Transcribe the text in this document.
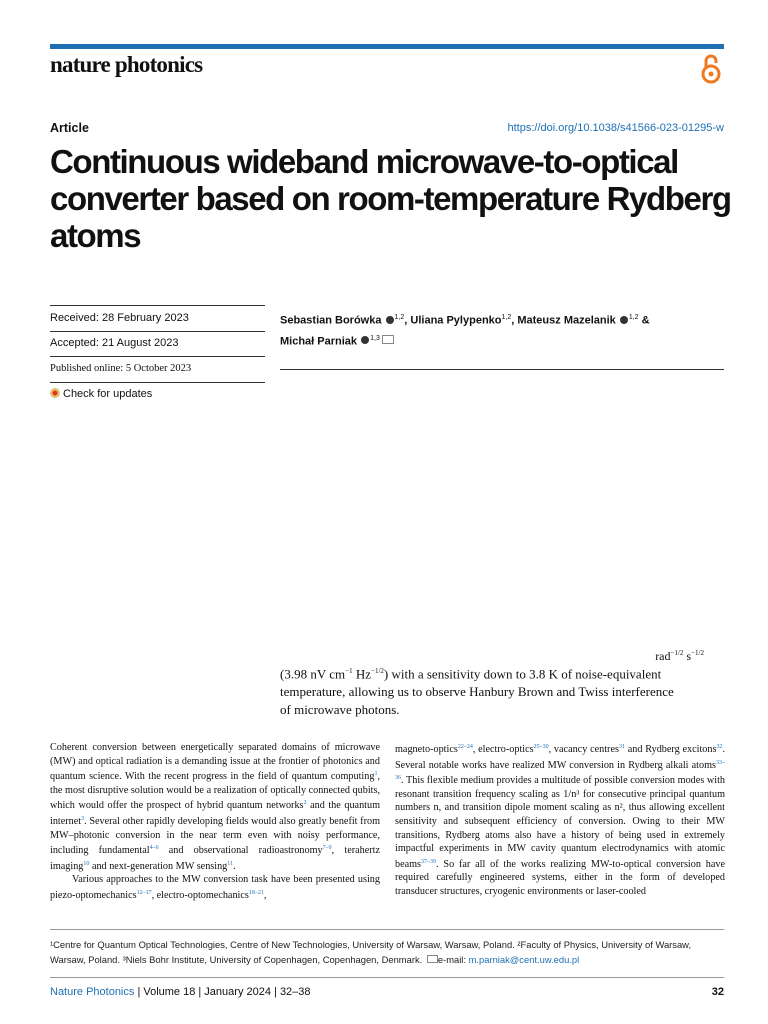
nature photonics
Article	https://doi.org/10.1038/s41566-023-01295-w
Continuous wideband microwave-to-optical converter based on room-temperature Rydberg atoms
Received: 28 February 2023
Accepted: 21 August 2023
Published online: 5 October 2023
Check for updates
Sebastian Borówka $^{1,2}$, Uliana Pylypenko$^{1,2}$, Mateusz Mazelanik $^{1,2}$ &
Michał Parniak $^{1,3}$
rad$^{-1/2}$ $s^{-1/2}$
(3.98 nV $cm^{-1}$ $Hz^{-1/2}$) with a sensitivity down to 3.8 K of noise-equivalent
temperature, allowing us to observe Hanbury Brown and Twiss interference
of microwave photons.

Coherent conversion between energetically separated domains of microwave (MW) and optical radiation is a demanding issue at the frontier of photonics and quantum science. With the recent progress in the field of quantum computing$^1$, the most disruptive solution would be a realization of optically connected qubits, which would offer the prospect of hybrid quantum networks$^2$ and the quantum internet$^3$. Several other rapidly developing fields would also greatly benefit from MW–photonic conversion in the near term even with noisy performance, including fundamental$^{4-6}$ and observational radioastronomy$^{7-9}$, terahertz imaging$^{10}$ and next-generation MW sensing$^{11}$.

Various approaches to the MW conversion task have been presented using piezo-optomechanics$^{12-17}$, electro-optomechanics$^{18-21}$,

magneto-optics$^{22-24}$, electro-optics$^{25-30}$, vacancy centres$^{31}$ and Rydberg excitons$^{32}$. Several notable works have realized MW conversion in Rydberg alkali atoms$^{33-36}$. This flexible medium provides a multitude of possible conversion modes with resonant transition frequency scaling as 1/n³ for consecutive principal quantum numbers n, and transition dipole moment scaling as n², thus allowing excellent sensitivity and subsequent efficiency of conversion. Owing to their MW transitions, Rydberg atoms also have a history of being used in extremely impactful experiments in MW cavity quantum electrodynamics with atomic beams$^{37-39}$. So far all of the works realizing MW-to-optical conversion have required carefully engineered systems, either in the form of developed transducer structures, cryogenic environments or laser-cooled

¹Centre for Quantum Optical Technologies, Centre of New Technologies, University of Warsaw, Warsaw, Poland. ²Faculty of Physics, University of Warsaw, Warsaw, Poland. ³Niels Bohr Institute, University of Copenhagen, Copenhagen, Denmark. e-mail: m.parniak@cent.uw.edu.pl
Nature Photonics | Volume 18 | January 2024 | 32–38	32
